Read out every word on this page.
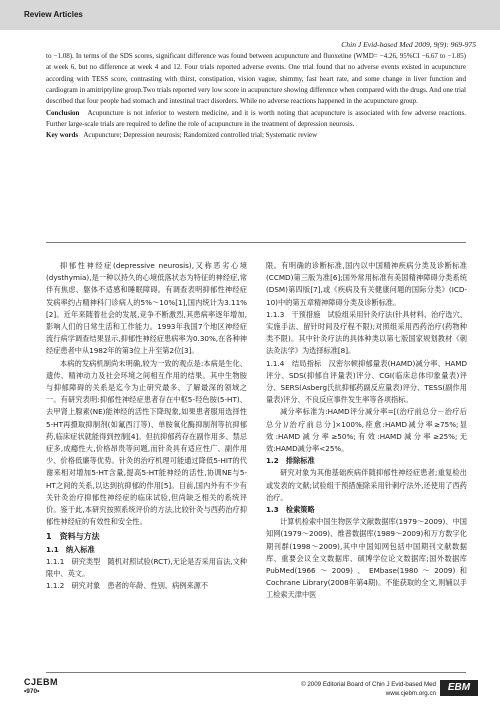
Review Articles
Chin J Evid-based Med 2009, 9(9): 969-975

to −1.08). In terms of the SDS scores, significant difference was found between acupuncture and fluoxetine (WMD= −4.26, 95%CI −6.67 to −1.85) at week 6, but no difference at week 4 and 12. Four trials reported adverse events. One trial found that no adverse events existed in acupuncture according with TESS score, contrasting with thirst, constipation, vision vague, shimmy, fast heart rate, and some change in liver function and cardiogram in amitriptyline group.Two trials reported very low score in acupuncture showing difference when compared with the drugs. And one trial described that four people had stomach and intestinal tract disorders. While no adverse reactions happened in the acupuncture group.

Conclusion Acupuncture is not inferior to western medicine, and it is worth noting that acupuncture is associated with few adverse reactions. Further large-scale trials are required to define the role of acupuncture in the treatment of depression neurosis.

Key words Acupuncture; Depression neurosis; Randomized controlled trial; Systematic review

抑郁性神经症(depressive neurosis),又称恶劣心境(dysthymia),是一种以持久的心境低落状态为特征的神经症,常伴有焦虑、躯体不适感和睡眠障碍。有调查表明抑郁性神经症发病率约占精神科门诊病人的5%～10%[1],国内统计为3.11%[2]。近年来随着社会的发展,竞争不断激烈,其患病率逐年增加,影响人们的日常生活和工作能力。1993年我国7个地区神经症流行病学调查结果显示,抑郁性神经症患病率为0.30%,在各种神经症患者中从1982年的第3位上升至第2位[3]。

本病的发病机制尚未明确,较为一致的观点是:本病是生化、遗传、精神动力及社会环境之间相互作用的结果。其中生物胺与抑郁障碍的关系是迄今为止研究最多、了解最深的领域之一。有研究表明:抑郁性神经症患者存在中枢5-羟色胺(5-HT)、去甲肾上腺素(NE)能神经的活性下降现象,如果患者服用选择性5-HT再摄取抑制剂(如氟西汀等)、单胺氧化酶抑制剂等抗抑郁药,临床症状就能得到控制[4]。但抗抑郁药存在副作用多、禁忌症多,成瘾性大,价格昂贵等问题,而针灸具有适应性广、副作用少、价格低廉等优势。针灸的治疗机理可能通过降低5-HIT的代谢来相对增加5-HT含量,提高5-HT能神经的活性,协调NE与5-HT之间的关系,以达到抗抑郁的作用[5]。目前,国内外有不少有关针灸治疗抑郁性神经症的临床试验,但尚缺乏相关的系统评价。鉴于此,本研究按照系统评价的方法,比较针灸与西药治疗抑郁性神经症的有效性和安全性。

1　资料与方法

1.1　纳入标准

1.1.1　研究类型　随机对照试验(RCT),无论是否采用盲法,文种限中、英文。

1.1.2　研究对象　患者的年龄、性别、病例来源不

限。有明确的诊断标准,国内以中国精神疾病分类及诊断标准(CCMD)第三版为准[6];国外常用标准有美国精神障碍分类系统(DSM)第四版[7],或《疾病及有关健康问题的国际分类》(ICD-10)中的第五章精神障碍分类及诊断标准。

1.1.3　干预措施　试验组采用针灸疗法(针具材料、治疗选穴、实施手法、留针时间及疗程不限);对照组采用西药治疗(药物种类不限)。其中针灸疗法的具体种类以第七版国家规划教材《刺法灸法学》为选择标准[8]。

1.1.4　结局指标　汉密尔顿抑郁量表(HAMD)减分率、HAMD评分、SDS(抑郁自评量表)评分、CGI(临床总体印象量表)评分、SERS(Asberg氏抗抑郁药副反应量表)评分、TESS(副作用量表)评分、不良反应事件发生率等各项指标。

减分率标准为:HAMD评分减分率=[(治疗前总分－治疗后总分)/治疗前总分]×100%,痊愈:HAMD减分率≥75%;显效:HAMD减分率≥50%;有效:HAMD减分率≥25%;无效:HAMD减分率<25%。

1.2　排除标准

研究对象为其他基础疾病伴随抑郁性神经症患者;重复检出或发表的文献;试验组干预措施除采用针刺疗法外,还使用了西药治疗。

1.3　检索策略

计算机检索中国生物医学文献数据库(1979～2009)、中国知网(1979～2009)、维普数据库(1989～2009)和万方数字化期刊群(1998～2009),其中中国知网包括中国期刊文献数据库、重要会议全文数据库、硕博学位论文数据库;国外数据库PubMed(1966～2009)、EMbase(1980～2009)和Cochrane Library(2008年第4期)。不能获取的全文,则辅以手工检索天津中医

CJEBM
•970•
© 2009 Editorial Board of Chin J Evid-based Med
www.cjebm.org.cn
EBM
